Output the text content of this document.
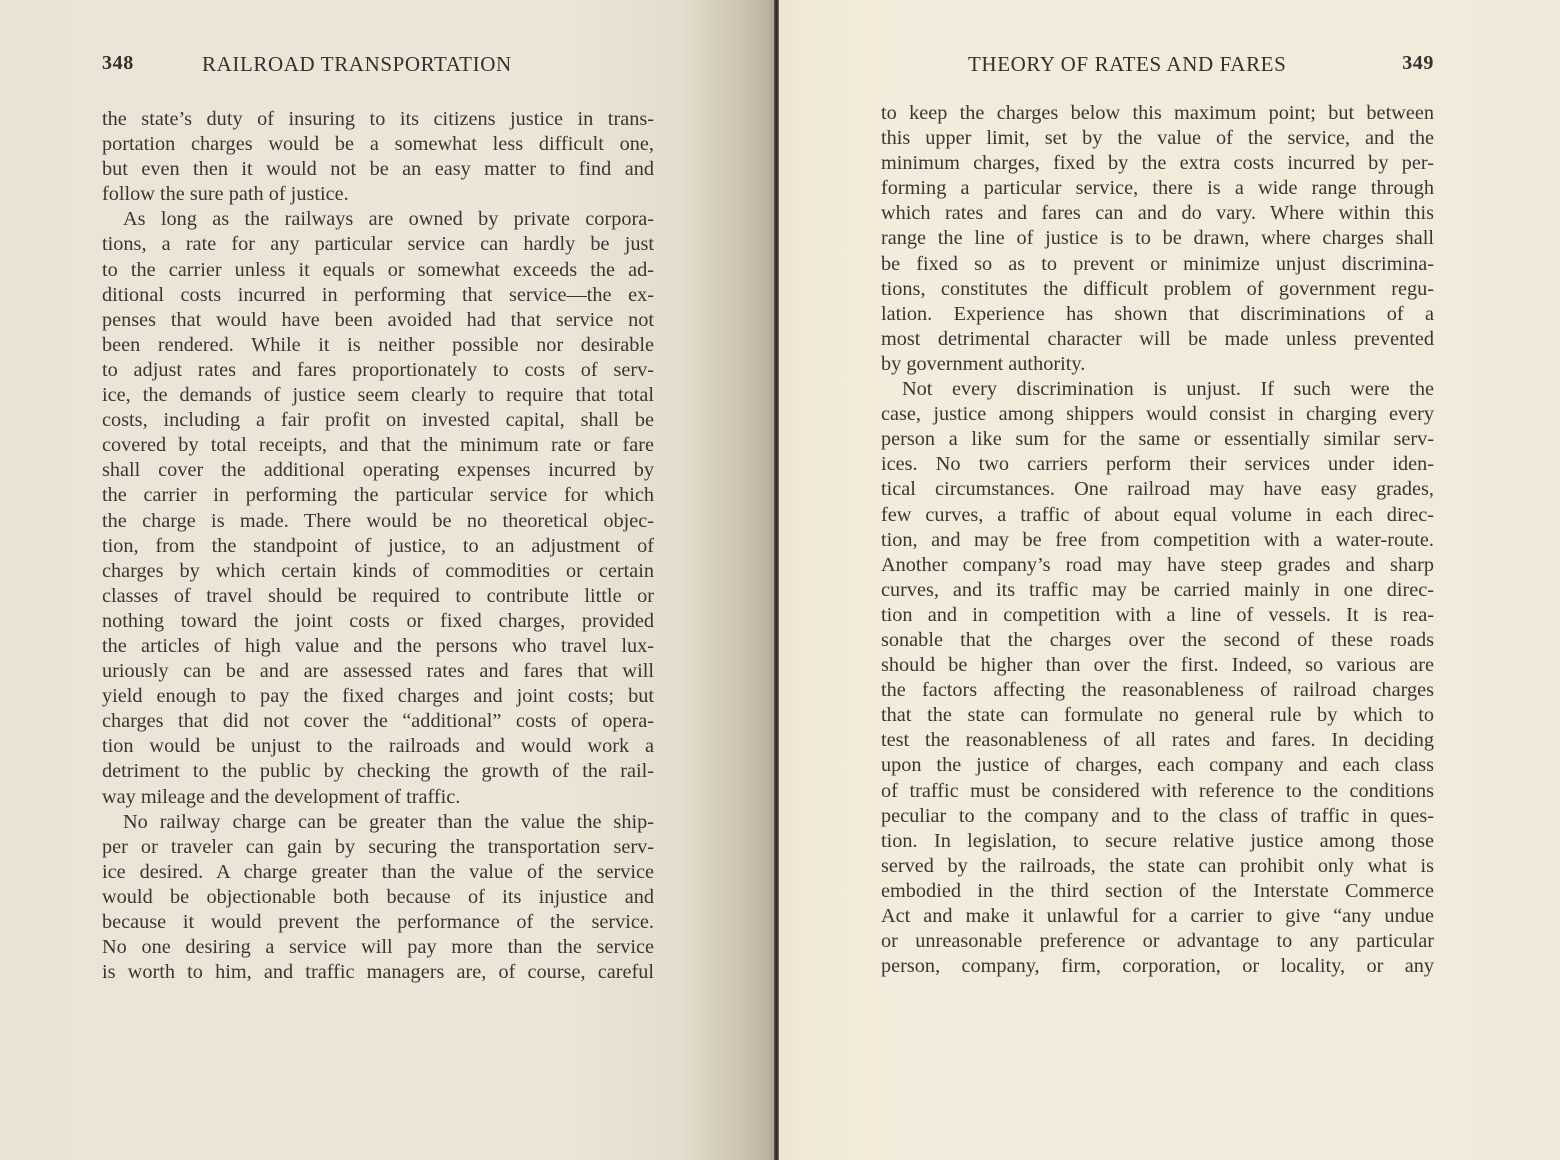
348	RAILROAD TRANSPORTATION
the state’s duty of insuring to its citizens justice in trans-
portation charges would be a somewhat less difficult one,
but even then it would not be an easy matter to find and
follow the sure path of justice.
As long as the railways are owned by private corpora-
tions, a rate for any particular service can hardly be just
to the carrier unless it equals or somewhat exceeds the ad-
ditional costs incurred in performing that service—the ex-
penses that would have been avoided had that service not
been rendered. While it is neither possible nor desirable
to adjust rates and fares proportionately to costs of serv-
ice, the demands of justice seem clearly to require that total
costs, including a fair profit on invested capital, shall be
covered by total receipts, and that the minimum rate or fare
shall cover the additional operating expenses incurred by
the carrier in performing the particular service for which
the charge is made. There would be no theoretical objec-
tion, from the standpoint of justice, to an adjustment of
charges by which certain kinds of commodities or certain
classes of travel should be required to contribute little or
nothing toward the joint costs or fixed charges, provided
the articles of high value and the persons who travel lux-
uriously can be and are assessed rates and fares that will
yield enough to pay the fixed charges and joint costs; but
charges that did not cover the “additional” costs of opera-
tion would be unjust to the railroads and would work a
detriment to the public by checking the growth of the rail-
way mileage and the development of traffic.
No railway charge can be greater than the value the ship-
per or traveler can gain by securing the transportation serv-
ice desired. A charge greater than the value of the service
would be objectionable both because of its injustice and
because it would prevent the performance of the service.
No one desiring a service will pay more than the service
is worth to him, and traffic managers are, of course, careful
THEORY OF RATES AND FARES	349
to keep the charges below this maximum point; but between
this upper limit, set by the value of the service, and the
minimum charges, fixed by the extra costs incurred by per-
forming a particular service, there is a wide range through
which rates and fares can and do vary. Where within this
range the line of justice is to be drawn, where charges shall
be fixed so as to prevent or minimize unjust discrimina-
tions, constitutes the difficult problem of government regu-
lation. Experience has shown that discriminations of a
most detrimental character will be made unless prevented
by government authority.
Not every discrimination is unjust. If such were the
case, justice among shippers would consist in charging every
person a like sum for the same or essentially similar serv-
ices. No two carriers perform their services under iden-
tical circumstances. One railroad may have easy grades,
few curves, a traffic of about equal volume in each direc-
tion, and may be free from competition with a water-route.
Another company’s road may have steep grades and sharp
curves, and its traffic may be carried mainly in one direc-
tion and in competition with a line of vessels. It is rea-
sonable that the charges over the second of these roads
should be higher than over the first. Indeed, so various are
the factors affecting the reasonableness of railroad charges
that the state can formulate no general rule by which to
test the reasonableness of all rates and fares. In deciding
upon the justice of charges, each company and each class
of traffic must be considered with reference to the conditions
peculiar to the company and to the class of traffic in ques-
tion. In legislation, to secure relative justice among those
served by the railroads, the state can prohibit only what is
embodied in the third section of the Interstate Commerce
Act and make it unlawful for a carrier to give “any undue
or unreasonable preference or advantage to any particular
person, company, firm, corporation, or locality, or any
